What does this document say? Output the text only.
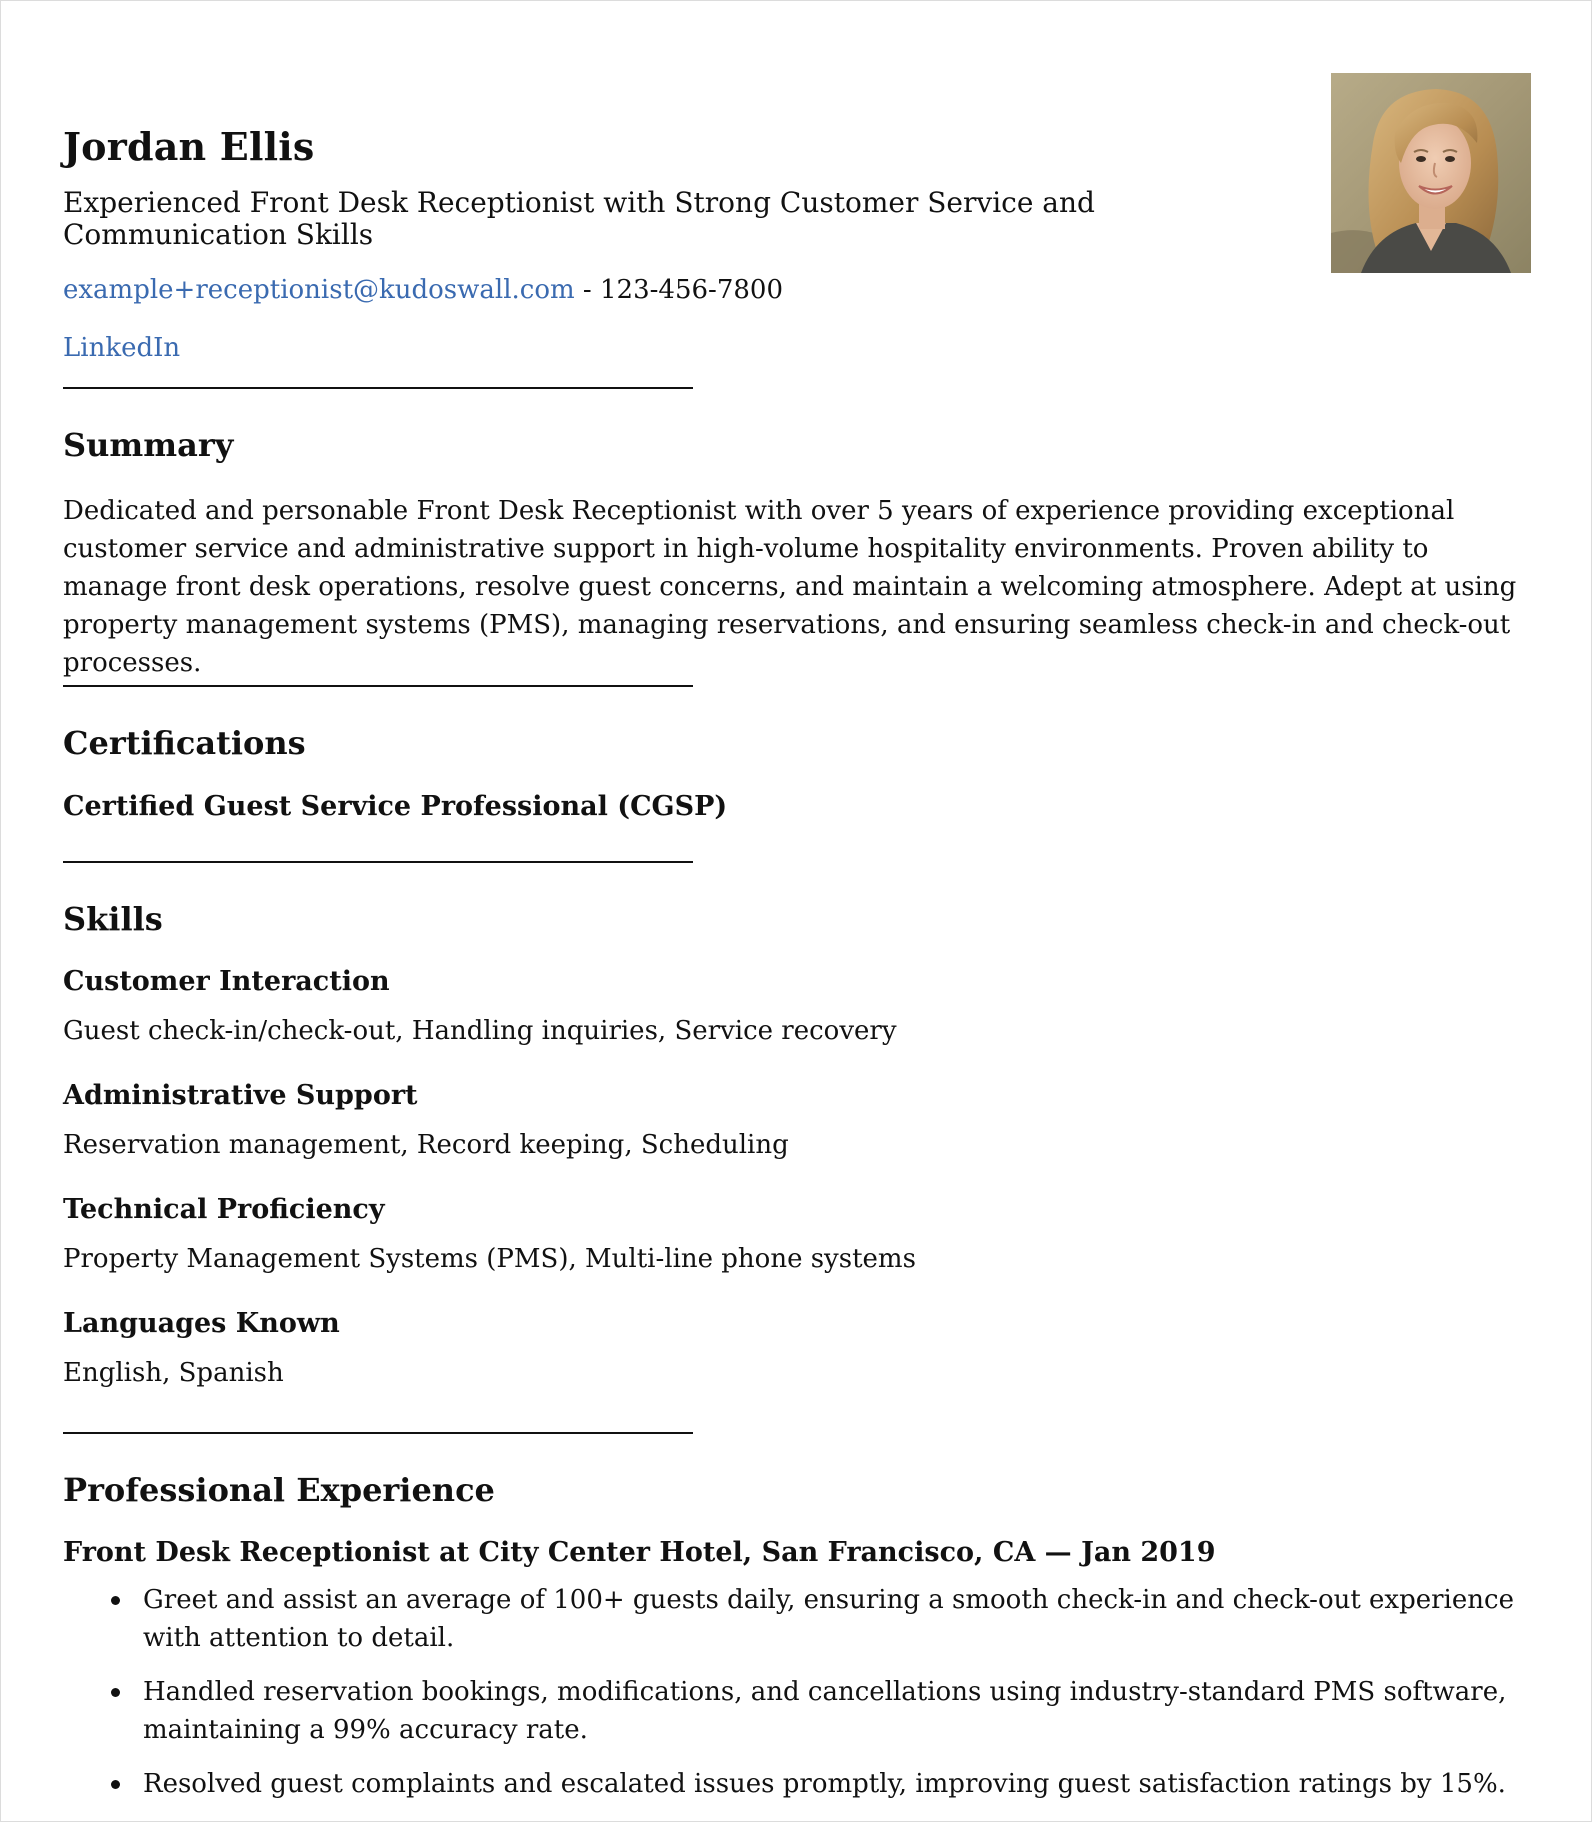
Jordan Ellis
Experienced Front Desk Receptionist with Strong Customer Service and Communication Skills
example+receptionist@kudoswall.com - 123-456-7800
LinkedIn
Summary

Dedicated and personable Front Desk Receptionist with over 5 years of experience providing exceptional customer service and administrative support in high-volume hospitality environments. Proven ability to manage front desk operations, resolve guest concerns, and maintain a welcoming atmosphere. Adept at using property management systems (PMS), managing reservations, and ensuring seamless check-in and check-out processes.

Certifications
Certified Guest Service Professional (CGSP)
Skills
Customer Interaction
Guest check-in/check-out, Handling inquiries, Service recovery
Administrative Support
Reservation management, Record keeping, Scheduling
Technical Proficiency
Property Management Systems (PMS), Multi-line phone systems
Languages Known
English, Spanish
Professional Experience
Front Desk Receptionist at City Center Hotel, San Francisco, CA — Jan 2019
Greet and assist an average of 100+ guests daily, ensuring a smooth check-in and check-out experience with attention to detail.
Handled reservation bookings, modifications, and cancellations using industry-standard PMS software, maintaining a 99% accuracy rate.
Resolved guest complaints and escalated issues promptly, improving guest satisfaction ratings by 15%.
